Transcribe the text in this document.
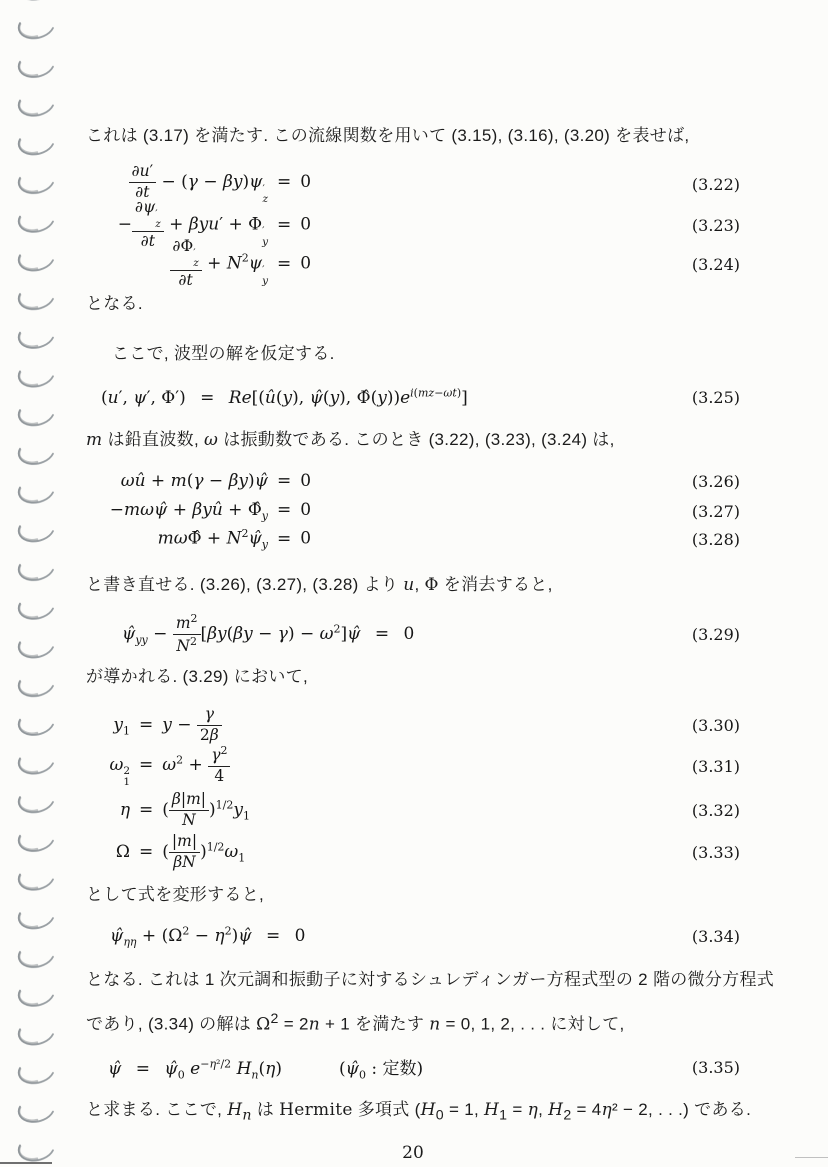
これは (3.17) を満たす. この流線関数を用いて (3.15), (3.16), (3.20) を表せば,

$\frac{\partial u'}{\partial t} - (\gamma - \beta y)\psi$ ′
z
= 0	(3.22)
− ∂ψ ′
z
∂t + βyu′ + Φ ′
y
= 0	(3.23)
∂Φ ′
z
$\partial t + N^2\psi$ ′
y
= 0	(3.24)

となる.

ここで, 波型の解を仮定する.

(u′, ψ′, Φ′) = Re[(û(y), ψ̂(y), $\Phî(y))e^{i(mz-\omega t)}$]	(3.25)

m は鉛直波数, ω は振動数である. このとき (3.22), (3.23), (3.24) は,

ωû + m(γ − βy)ψ̂ = 0	(3.26)
−mωψ̂ + βyû + $\Phî_y = 0$	(3.27)
mωΦ̂ + $N^2\psî_y = 0$	(3.28)

と書き直せる. (3.26), (3.27), (3.28) より u, Φ を消去すると,

$\psî_{yy} - \frac{m^2}{N^2} [\beta y(\beta y - \gamma)$ − $\omega^2]\psî = 0$	(3.29)

が導かれる. (3.29) において,

$y_1 = y - \frac{\gamma}{2\beta}$	(3.30)
ω 2
1
= $\omega^2 + \frac{\gamma^2}{4}$	(3.31)
η = ( $\frac{\beta|m|}{N} )^{1/2}y_1$	(3.32)
Ω = ( $\frac{|m|}{\beta N} )^{1/2}\omega_1$	(3.33)

として式を変形すると,

$\psî_{\eta\eta} + (\Omega^2$ − $\eta^2)\psî = 0$	(3.34)

となる. これは 1 次元調和振動子に対するシュレディンガー方程式型の 2 階の微分方程式

であり, (3.34) の解は $\Omega^2 = 2n + 1$ を満たす n = 0, 1, 2, . . . に対して,

ψ̂ = $\psî_0$ $e^{-\eta^2/2}$ $H_n(\eta)$	($\psî_0$ : 定数)	(3.35)

と求まる. ここで, $H_n$ は Hermite 多項式 ($H_0 = 1$, $H_1 = \eta$, $H_2 = 4\eta^2 - 2$, . . .) である.

20
